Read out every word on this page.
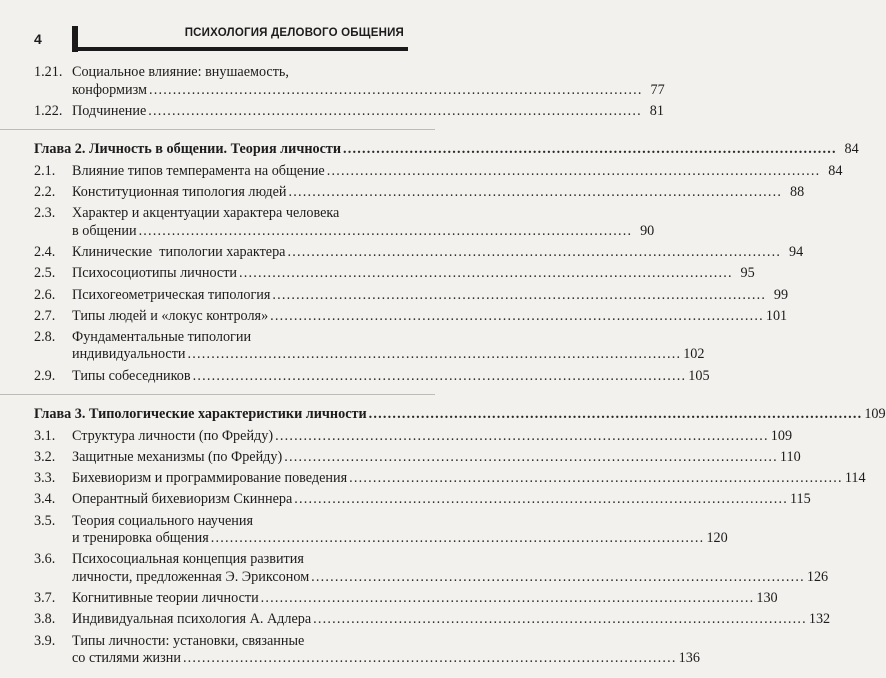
4	ПСИХОЛОГИЯ ДЕЛОВОГО ОБЩЕНИЯ
1.21. Социальное влияние: внушаемость,
конформизм ........................................................................................................ 77
1.22. Подчинение ........................................................................................................ 81
Глава 2. Личность в общении. Теория личности ........................................................................................................ 84
2.1. Влияние типов темперамента на общение ........................................................................................................ 84
2.2. Конституционная типология людей ........................................................................................................ 88
2.3. Характер и акцентуации характера человека
в общении ........................................................................................................ 90
2.4. Клинические  типологии характера ........................................................................................................ 94
2.5. Психосоциотипы личности ........................................................................................................ 95
2.6. Психогеометрическая типология ........................................................................................................ 99
2.7. Типы людей и «локус контроля» ........................................................................................................ 101
2.8. Фундаментальные типологии
индивидуальности ........................................................................................................ 102
2.9. Типы собеседников ........................................................................................................ 105
Глава 3. Типологические характеристики личности ........................................................................................................ 109
3.1. Структура личности (по Фрейду) ........................................................................................................ 109
3.2. Защитные механизмы (по Фрейду) ........................................................................................................ 110
3.3. Бихевиоризм и программирование поведения ........................................................................................................ 114
3.4. Оперантный бихевиоризм Скиннера ........................................................................................................ 115
3.5. Теория социального научения
и тренировка общения ........................................................................................................ 120
3.6. Психосоциальная концепция развития
личности, предложенная Э. Эриксоном ........................................................................................................ 126
3.7. Когнитивные теории личности ........................................................................................................ 130
3.8. Индивидуальная психология А. Адлера ........................................................................................................ 132
3.9. Типы личности: установки, связанные
со стилями жизни ........................................................................................................ 136
